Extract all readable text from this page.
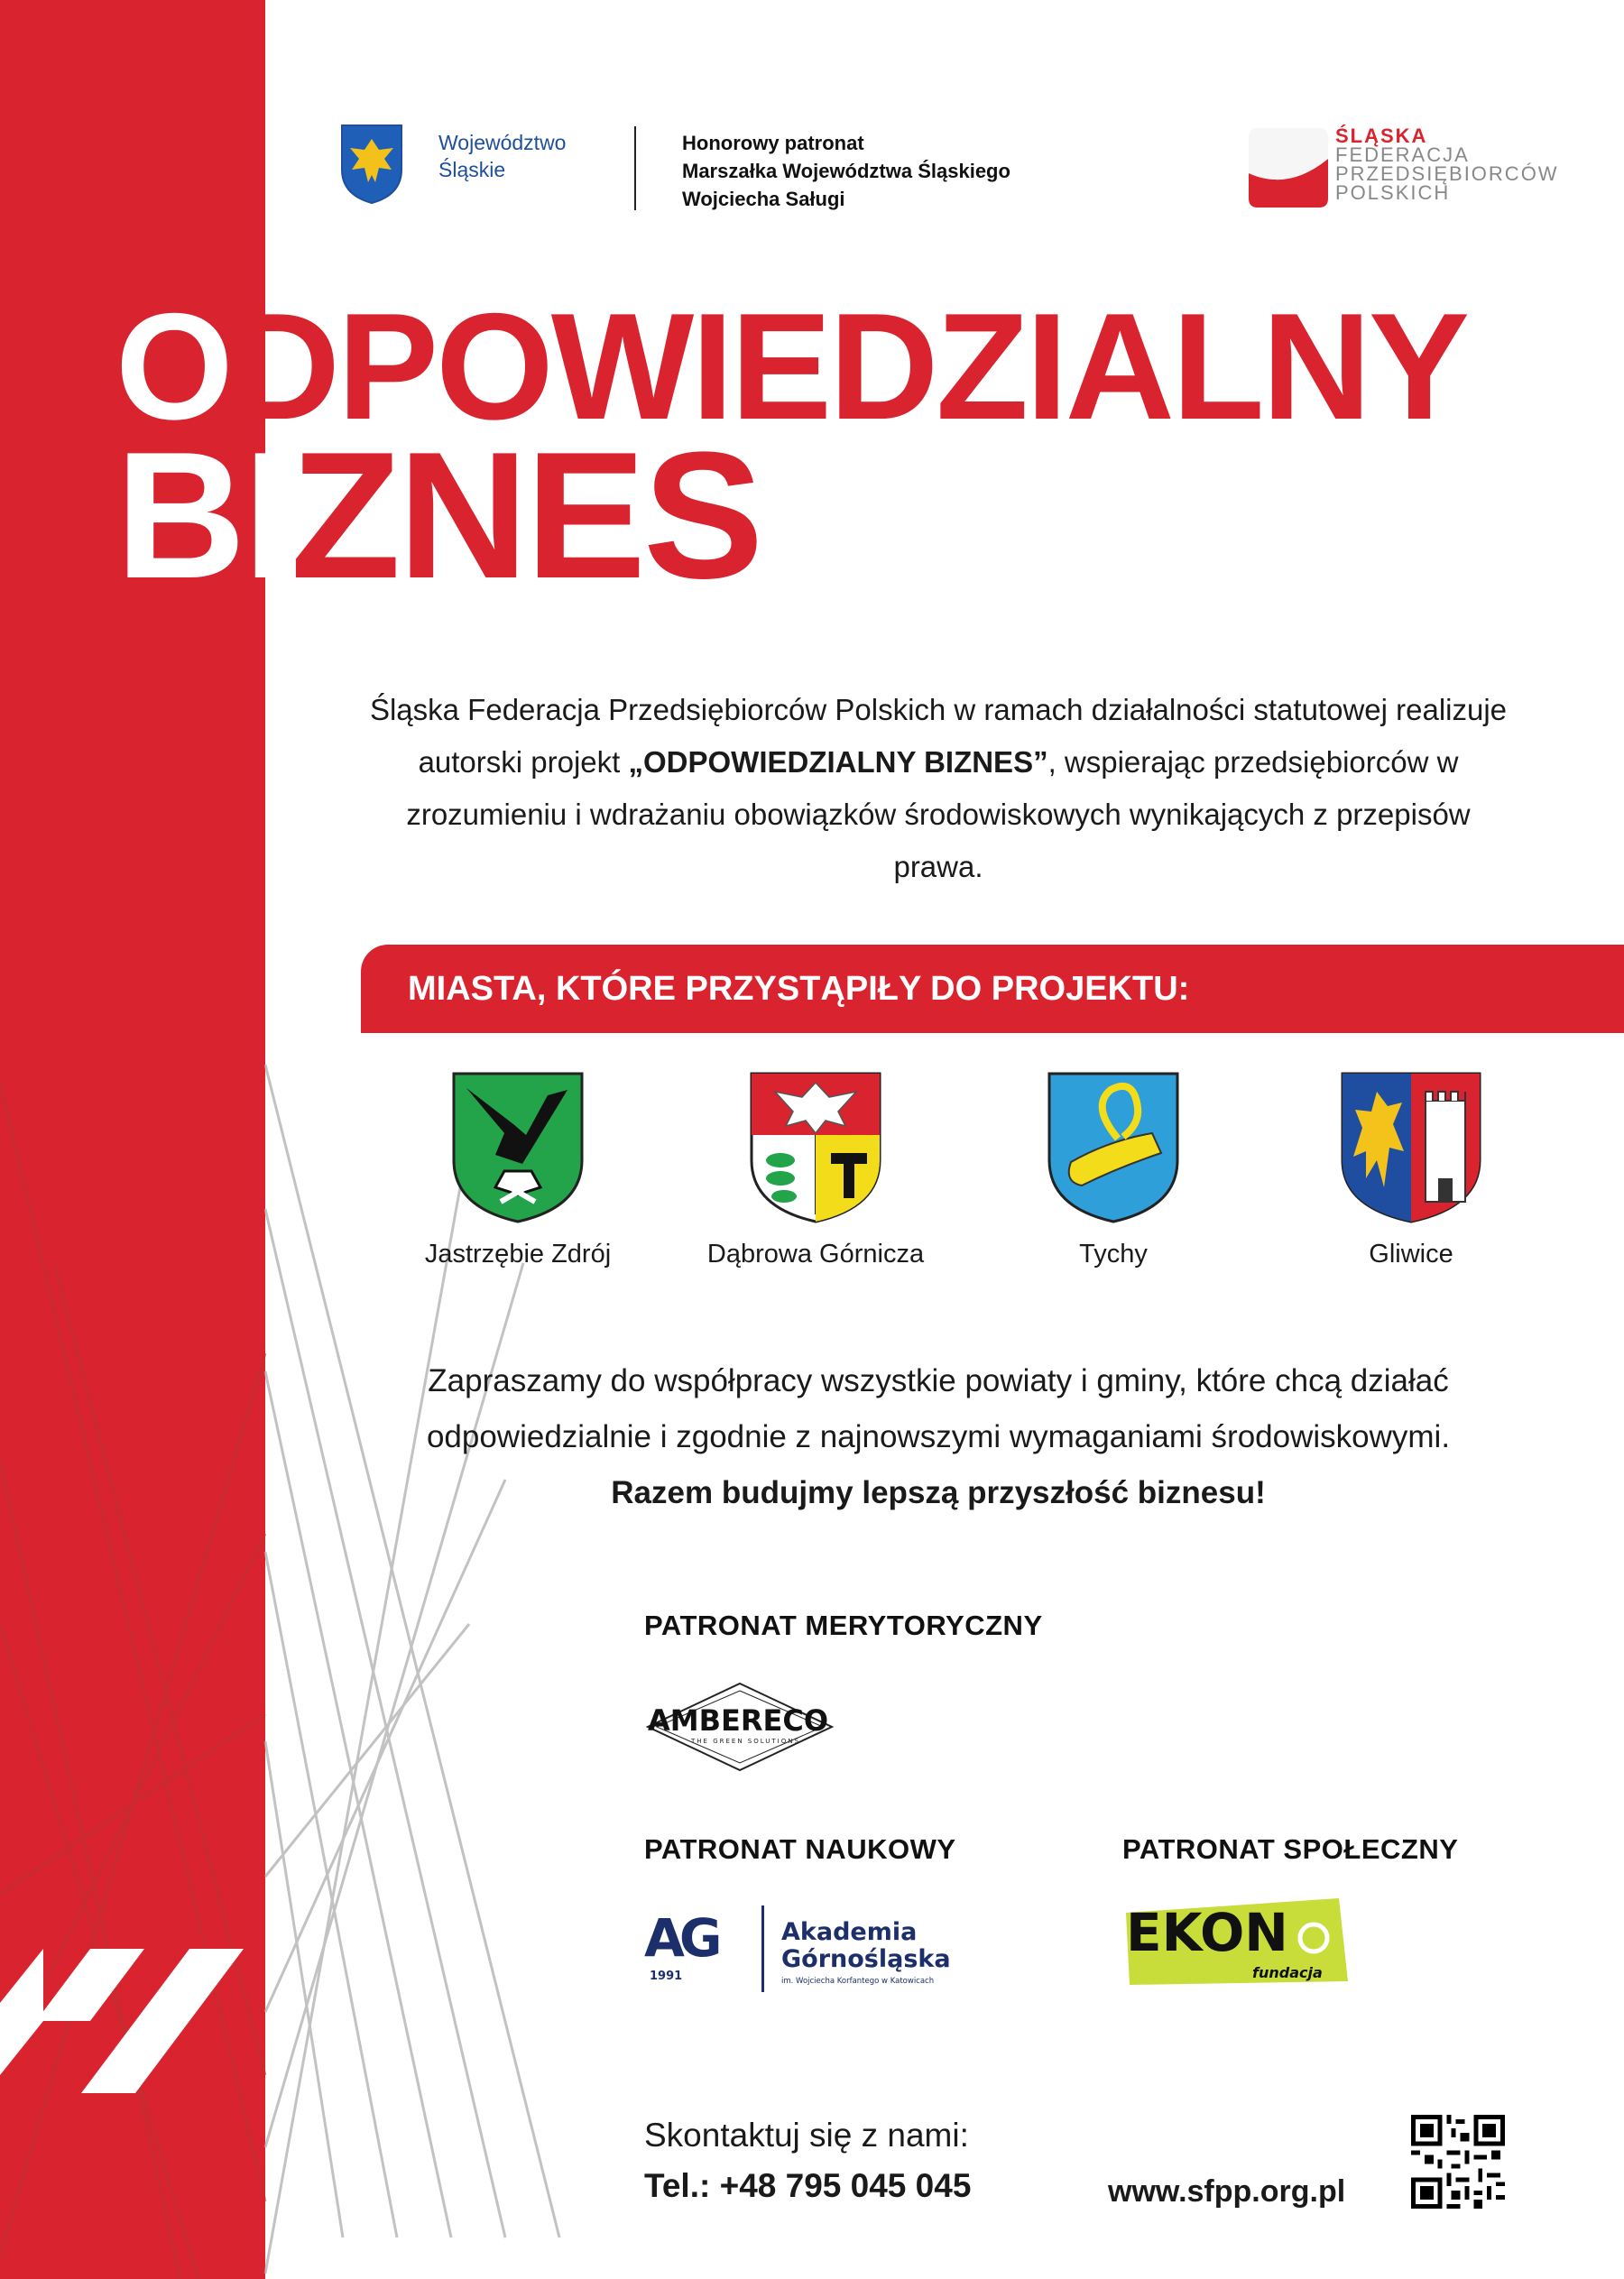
Województwo
Śląskie
Honorowy patronat
Marszałka Województwa Śląskiego
Wojciecha Saługi
ŚLĄSKA
FEDERACJA
PRZEDSIĘBIORCÓW
POLSKICH
ODPOWIEDZIALNY
BIZNES
Śląska Federacja Przedsiębiorców Polskich w ramach działalności statutowej realizuje autorski projekt „ODPOWIEDZIALNY BIZNES”, wspierając przedsiębiorców w zrozumieniu i wdrażaniu obowiązków środowiskowych wynikających z przepisów prawa.
MIASTA, KTÓRE PRZYSTĄPIŁY DO PROJEKTU:
Jastrzębie Zdrój	Dąbrowa Górnicza	Tychy	Gliwice
Zapraszamy do współpracy wszystkie powiaty i gminy, które chcą działać odpowiedzialnie i zgodnie z najnowszymi wymaganiami środowiskowymi.
Razem budujmy lepszą przyszłość biznesu!
PATRONAT MERYTORYCZNY
AMBERECO
THE GREEN SOLUTIONS
PATRONAT NAUKOWY
AG
1991
Akademia
Górnośląska
im. Wojciecha Korfantego w Katowicach
PATRONAT SPOŁECZNY
EKON
fundacja
Skontaktuj się z nami:
Tel.: +48 795 045 045	www.sfpp.org.pl
